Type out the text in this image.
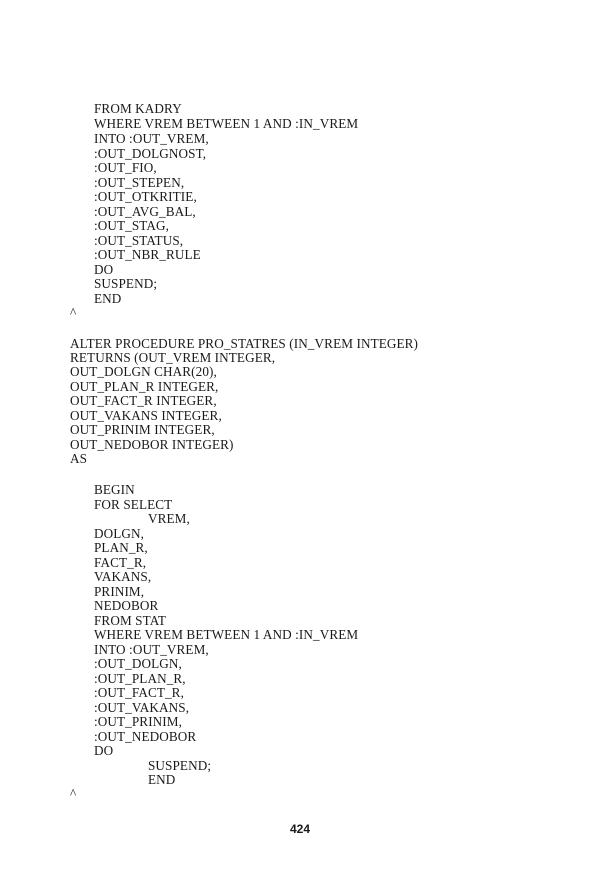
FROM KADRY
WHERE VREM BETWEEN 1 AND :IN_VREM
INTO :OUT_VREM,
:OUT_DOLGNOST,
:OUT_FIO,
:OUT_STEPEN,
:OUT_OTKRITIE,
:OUT_AVG_BAL,
:OUT_STAG,
:OUT_STATUS,
:OUT_NBR_RULE
DO
SUSPEND;
END
^
ALTER PROCEDURE PRO_STATRES (IN_VREM INTEGER)
RETURNS (OUT_VREM INTEGER,
OUT_DOLGN CHAR(20),
OUT_PLAN_R INTEGER,
OUT_FACT_R INTEGER,
OUT_VAKANS INTEGER,
OUT_PRINIM INTEGER,
OUT_NEDOBOR INTEGER)
AS
BEGIN
FOR SELECT
VREM,
DOLGN,
PLAN_R,
FACT_R,
VAKANS,
PRINIM,
NEDOBOR
FROM STAT
WHERE VREM BETWEEN 1 AND :IN_VREM
INTO :OUT_VREM,
:OUT_DOLGN,
:OUT_PLAN_R,
:OUT_FACT_R,
:OUT_VAKANS,
:OUT_PRINIM,
:OUT_NEDOBOR
DO
SUSPEND;
END
^
424
